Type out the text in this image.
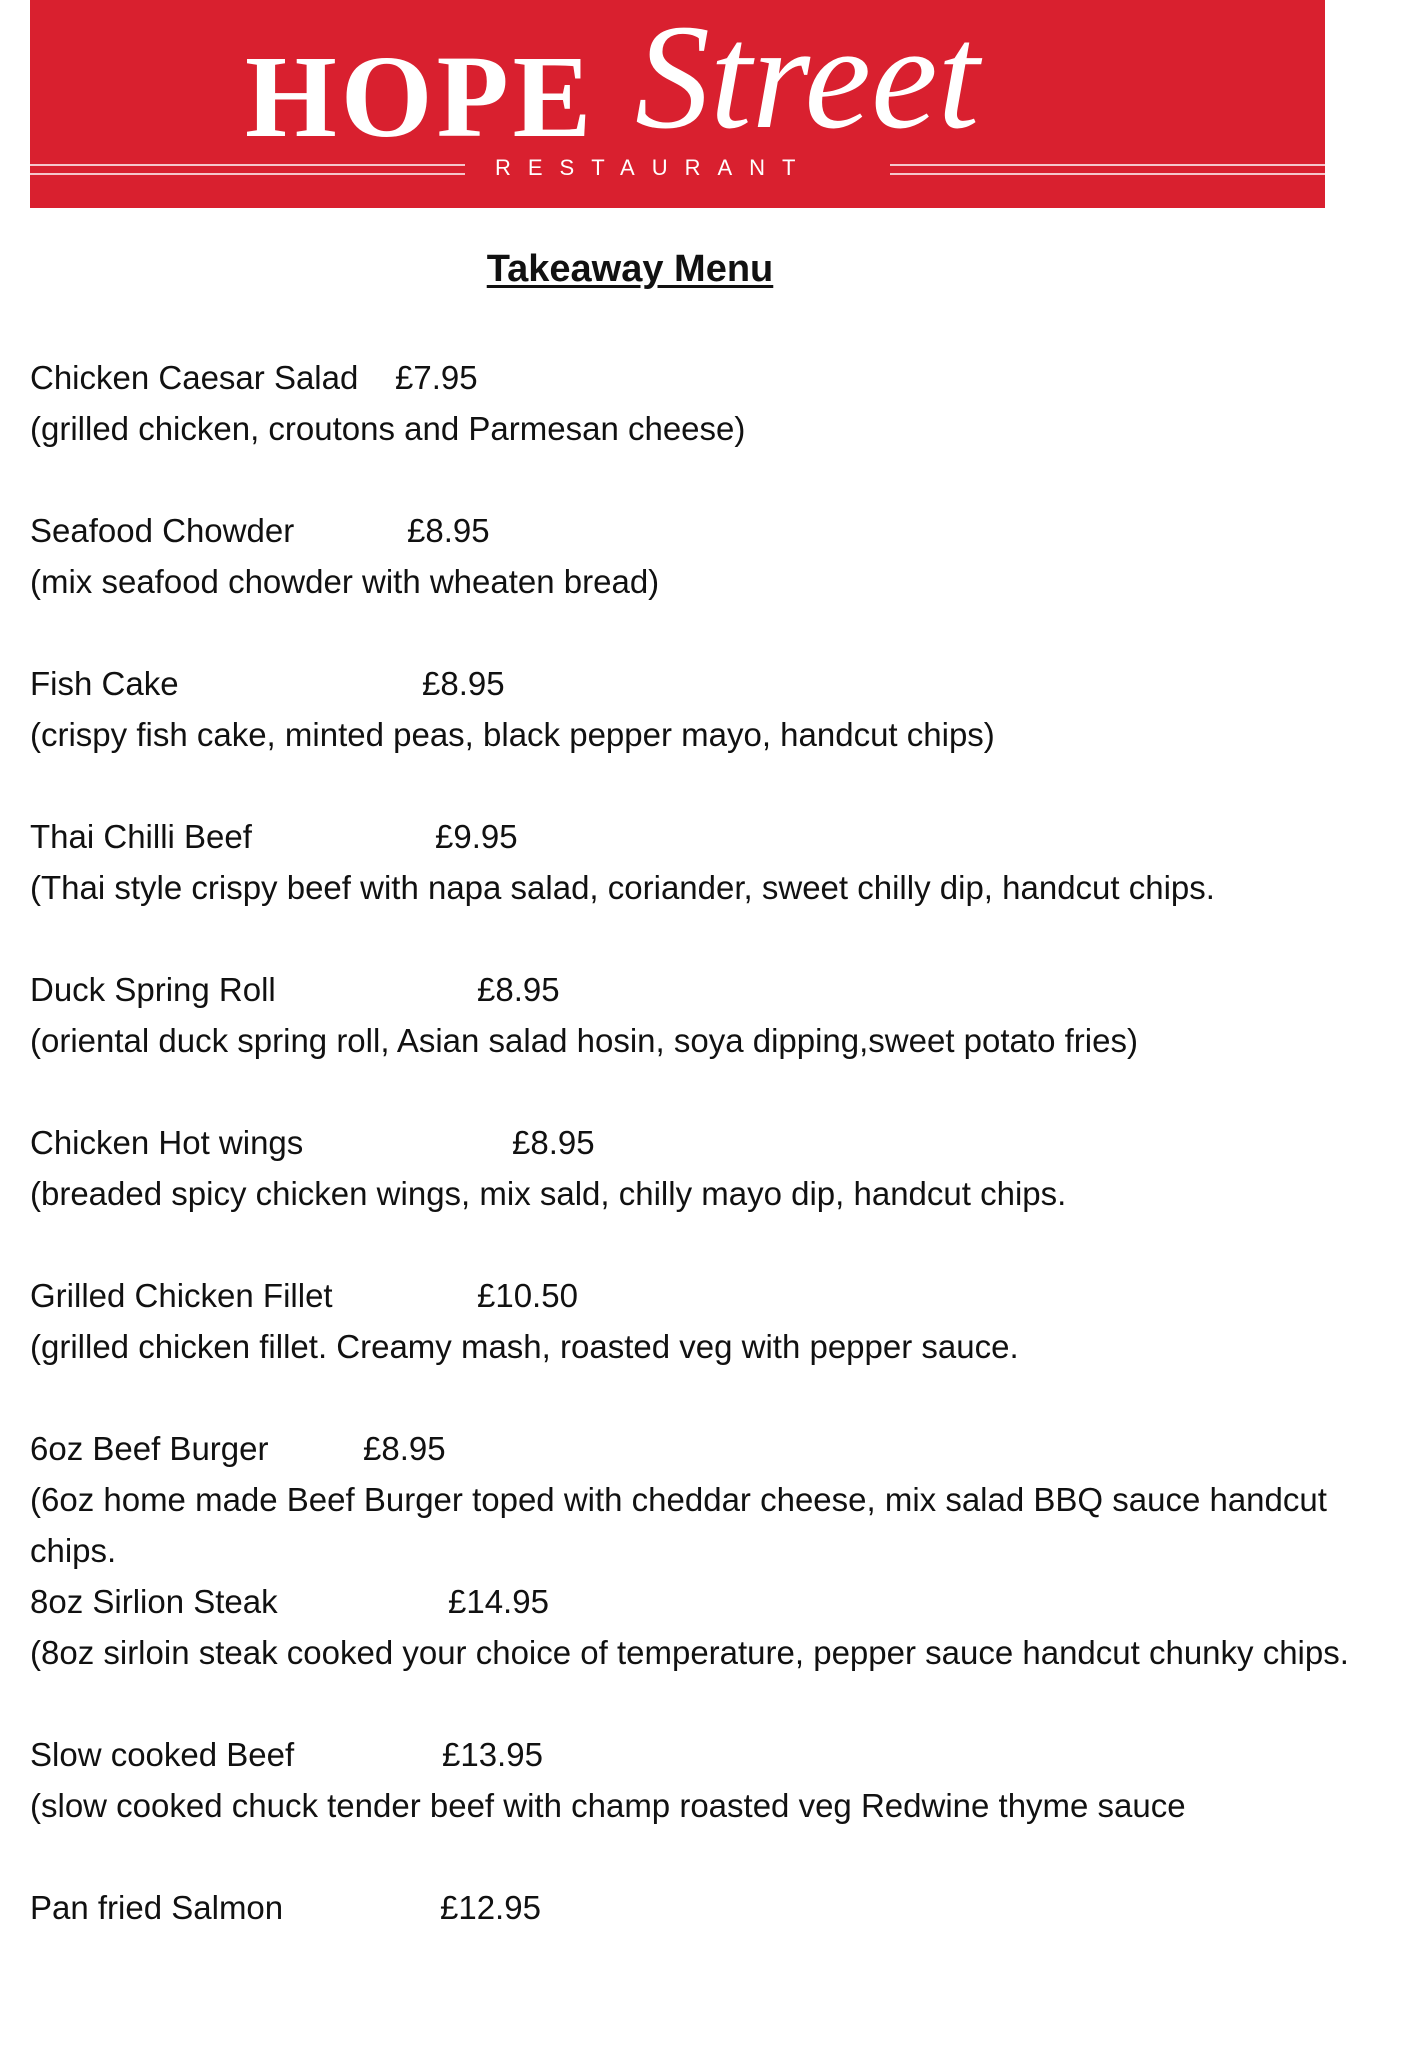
HOPE Street
RESTAURANT
Takeaway Menu
Chicken Caesar Salad £7.95
(grilled chicken, croutons and Parmesan cheese)
Seafood Chowder	£8.95
(mix seafood chowder with wheaten bread)
Fish Cake	£8.95
(crispy fish cake, minted peas, black pepper mayo, handcut chips)
Thai Chilli Beef	£9.95
(Thai style crispy beef with napa salad, coriander, sweet chilly dip, handcut chips.
Duck Spring Roll	£8.95
(oriental duck spring roll, Asian salad hosin, soya dipping,sweet potato fries)
Chicken Hot wings	£8.95
(breaded spicy chicken wings, mix sald, chilly mayo dip, handcut chips.
Grilled Chicken Fillet	£10.50
(grilled chicken fillet. Creamy mash, roasted veg with pepper sauce.
6oz Beef Burger	£8.95
(6oz home made Beef Burger toped with cheddar cheese, mix salad BBQ sauce handcut chips.
8oz Sirlion Steak	£14.95
(8oz sirloin steak cooked your choice of temperature, pepper sauce handcut chunky chips.
Slow cooked Beef	£13.95
(slow cooked chuck tender beef with champ roasted veg Redwine thyme sauce
Pan fried Salmon	£12.95
